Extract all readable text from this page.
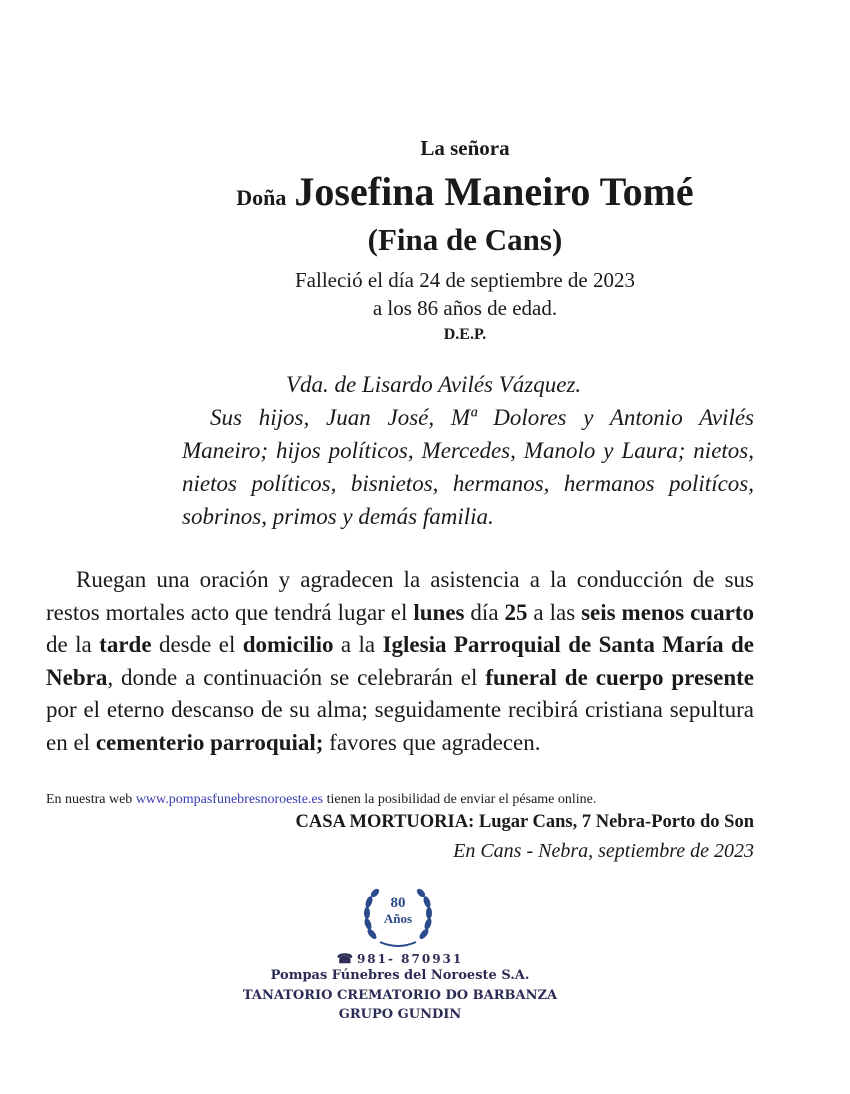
La señora
Doña Josefina Maneiro Tomé
(Fina de Cans)
Falleció el día 24 de septiembre de 2023
a los 86 años de edad.
D.E.P.
Vda. de Lisardo Avilés Vázquez.
Sus hijos, Juan José, Mª Dolores y Antonio Avilés Maneiro; hijos políticos, Mercedes, Manolo y Laura; nietos, nietos políticos, bisnietos, hermanos, hermanos politícos, sobrinos, primos y demás familia.
Ruegan una oración y agradecen la asistencia a la conducción de sus restos mortales acto que tendrá lugar el lunes día 25 a las seis menos cuarto de la tarde desde el domicilio a la Iglesia Parroquial de Santa María de Nebra, donde a continuación se celebrarán el funeral de cuerpo presente por el eterno descanso de su alma; seguidamente recibirá cristiana sepultura en el cementerio parroquial; favores que agradecen.
En nuestra web www.pompasfunebresnoroeste.es tienen la posibilidad de enviar el pésame online.
CASA MORTUORIA: Lugar Cans, 7 Nebra-Porto do Son
En Cans - Nebra, septiembre de 2023
80
Años
☎ 981- 870931
Pompas Fúnebres del Noroeste S.A.
TANATORIO CREMATORIO DO BARBANZA
GRUPO GUNDIN
